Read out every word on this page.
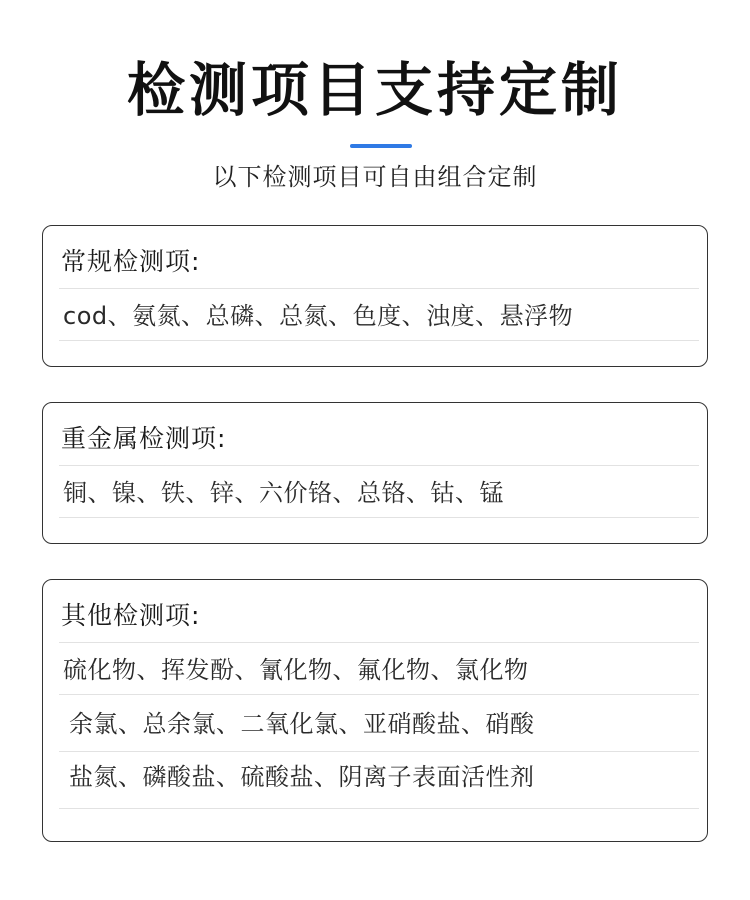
检测项目支持定制
以下检测项目可自由组合定制
常规检测项:
cod、氨氮、总磷、总氮、色度、浊度、悬浮物
重金属检测项:
铜、镍、铁、锌、六价铬、总铬、钴、锰
其他检测项:
硫化物、挥发酚、氰化物、氟化物、氯化物
余氯、总余氯、二氧化氯、亚硝酸盐、硝酸
盐氮、磷酸盐、硫酸盐、阴离子表面活性剂
